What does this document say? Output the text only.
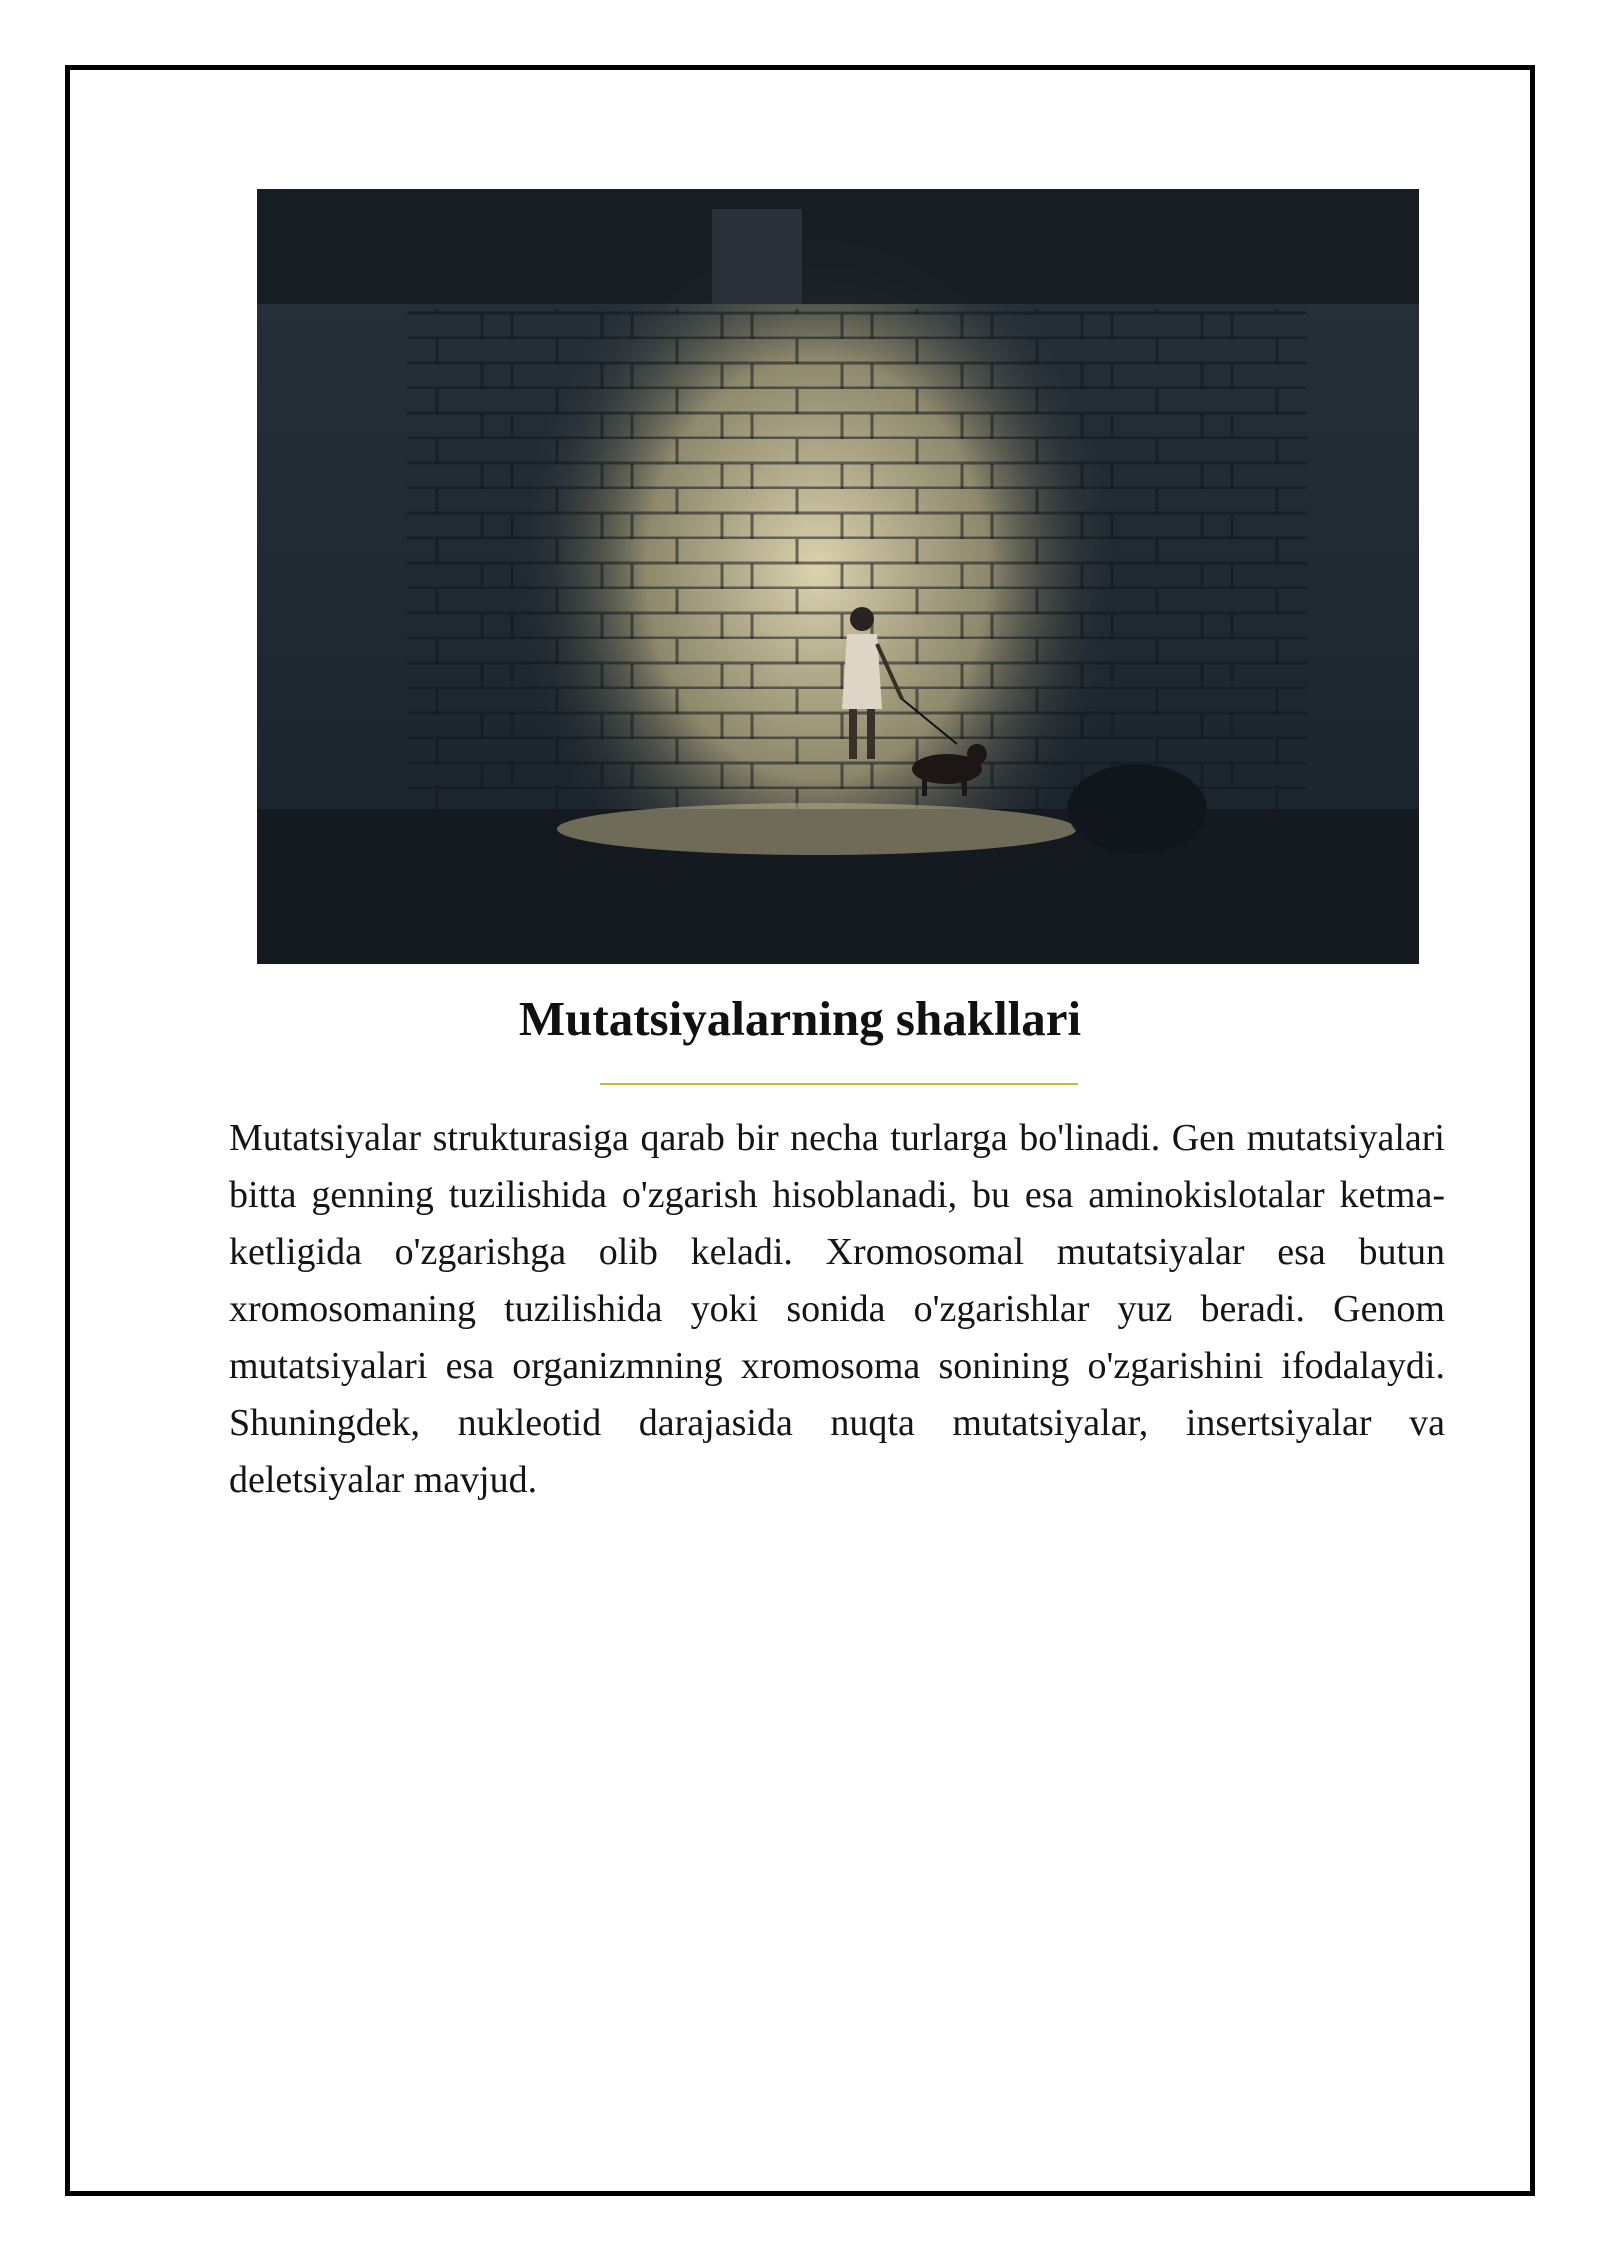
Mutatsiyalarning shakllari

Mutatsiyalar strukturasiga qarab bir necha turlarga bo'linadi. Gen mutatsiyalari bitta genning tuzilishida o'zgarish hisoblanadi, bu esa aminokislotalar ketma-ketligida o'zgarishga olib keladi. Xromosomal mutatsiyalar esa butun xromosomaning tuzilishida yoki sonida o'zgarishlar yuz beradi. Genom mutatsiyalari esa organizmning xromosoma sonining o'zgarishini ifodalaydi. Shuningdek, nukleotid darajasida nuqta mutatsiyalar, insertsiyalar va deletsiyalar mavjud.
